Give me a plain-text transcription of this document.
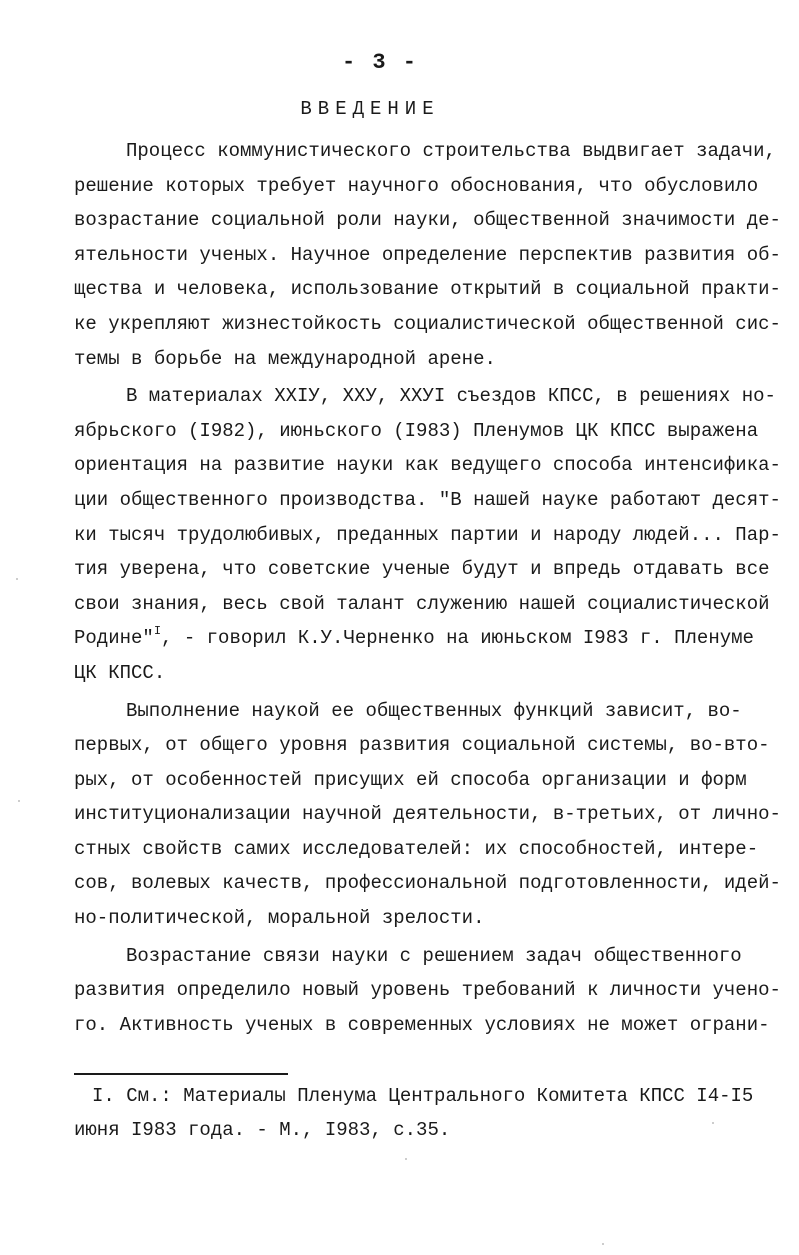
- 3 -
ВВЕДЕНИЕ
Процесс коммунистического строительства выдвигает задачи,
решение которых требует научного обоснования, что обусловило
возрастание социальной роли науки, общественной значимости де-
ятельности ученых. Научное определение перспектив развития об-
щества и человека, использование открытий в социальной практи-
ке укрепляют жизнестойкость социалистической общественной сис-
темы в борьбе на международной арене.
В материалах ХХIУ, ХХУ, ХХУI съездов КПСС, в решениях но-
ябрьского (I982), июньского (I983) Пленумов ЦК КПСС выражена
ориентация на развитие науки как ведущего способа интенсифика-
ции общественного производства. "В нашей науке работают десят-
ки тысяч трудолюбивых, преданных партии и народу людей... Пар-
тия уверена, что советские ученые будут и впредь отдавать все
свои знания, весь свой талант служению нашей социалистической
Родине"$^I$, - говорил К.У.Черненко на июньском I983 г. Пленуме
ЦК КПСС.
Выполнение наукой ее общественных функций зависит, во-
первых, от общего уровня развития социальной системы, во-вто-
рых, от особенностей присущих ей способа организации и форм
институционализации научной деятельности, в-третьих, от лично-
стных свойств самих исследователей: их способностей, интере-
сов, волевых качеств, профессиональной подготовленности, идей-
но-политической, моральной зрелости.
Возрастание связи науки с решением задач общественного
развития определило новый уровень требований к личности учено-
го. Активность ученых в современных условиях не может ограни-
I. См.: Материалы Пленума Центрального Комитета КПСС I4-I5
июня I983 года. - М., I983, с.35.
